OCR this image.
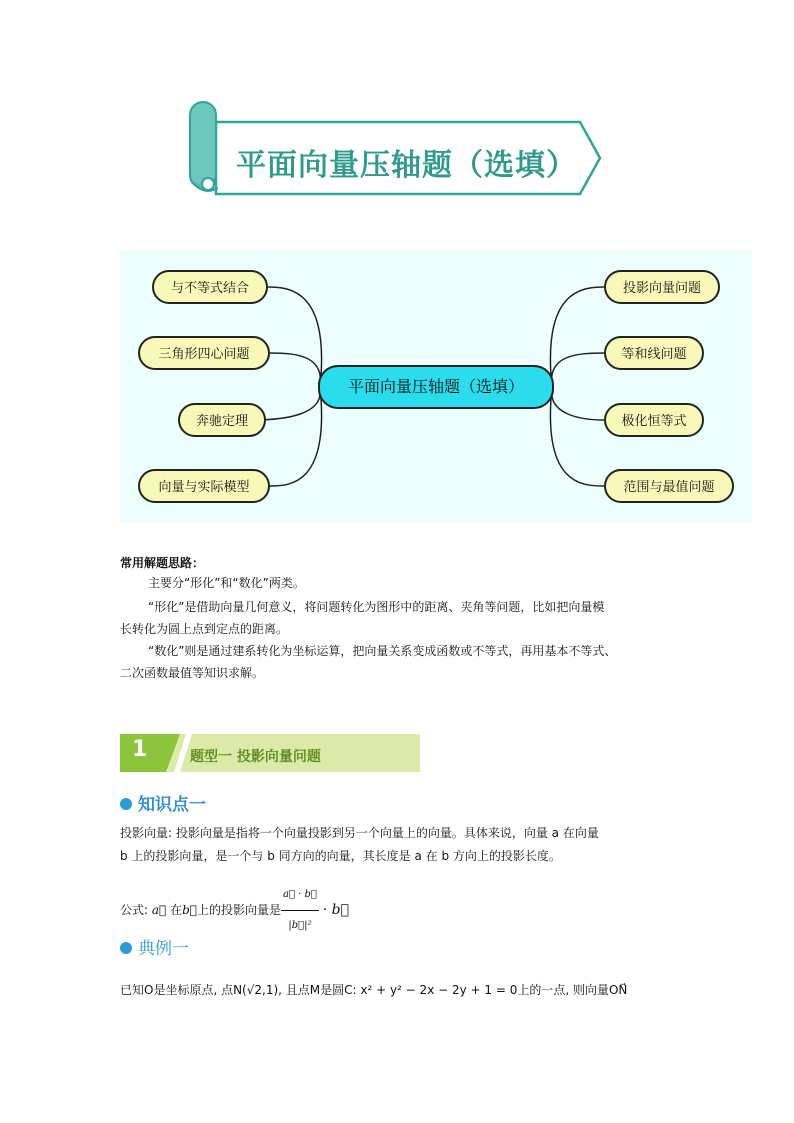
平面向量压轴题（选填）
与不等式结合
三角形四心问题
奔驰定理
向量与实际模型
投影向量问题
等和线问题
极化恒等式
范围与最值问题
平面向量压轴题（选填）
常用解题思路：
主要分“形化”和“数化”两类。
“形化”是借助向量几何意义，将问题转化为图形中的距离、夹角等问题，比如把向量模
长转化为圆上点到定点的距离。
“数化”则是通过建系转化为坐标运算，把向量关系变成函数或不等式，再用基本不等式、
二次函数最值等知识求解。
1	题型一 投影向量问题
知识点一
投影向量: 投影向量是指将一个向量投影到另一个向量上的向量。具体来说，向量 a 在向量
b 上的投影向量，是一个与 b 同方向的向量，其长度是 a 在 b 方向上的投影长度。
公式: a⃗ 在b⃗上的投影向量是 $\frac{a⃗ \cdot b⃗}{\text{|b⃗|²}}$ · b⃗
典例一
已知O是坐标原点, 点N(√2,1), 且点M是圆C: x² + y² − 2x − 2y + 1 = 0上的一点, 则向量ON⃗
